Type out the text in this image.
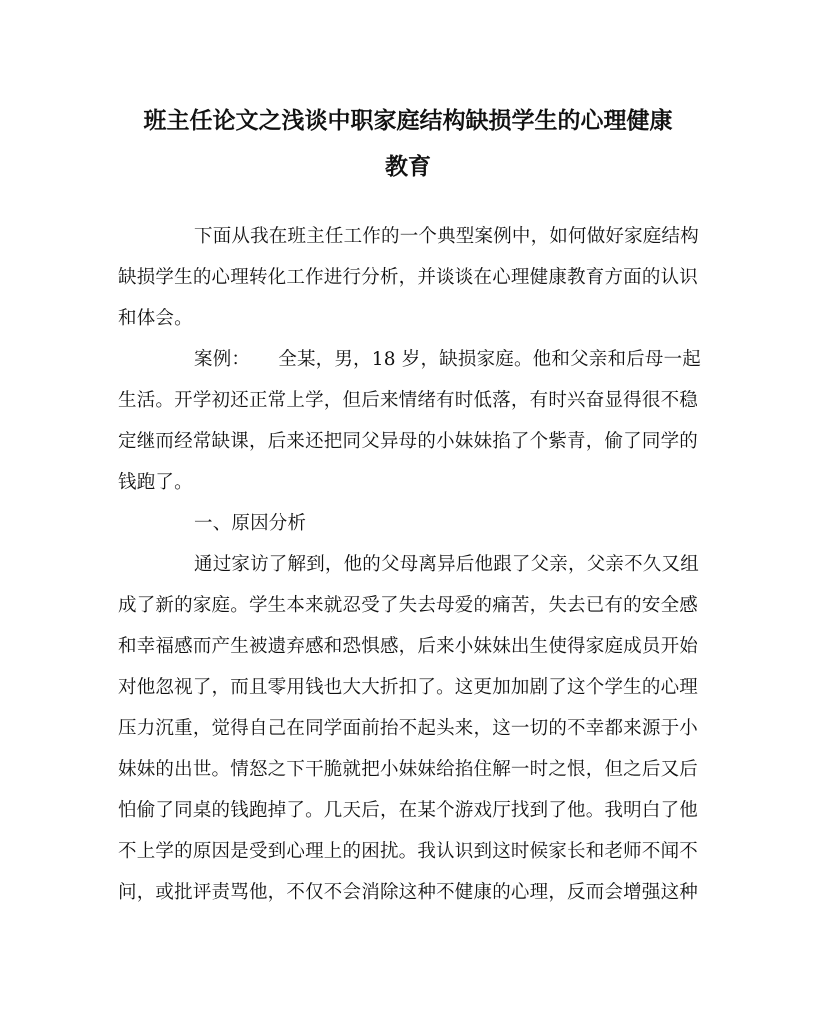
班主任论文之浅谈中职家庭结构缺损学生的心理健康
教育
下面从我在班主任工作的一个典型案例中，如何做好家庭结构
缺损学生的心理转化工作进行分析，并谈谈在心理健康教育方面的认识
和体会。
案例：　　全某，男，18 岁，缺损家庭。他和父亲和后母一起
生活。开学初还正常上学，但后来情绪有时低落，有时兴奋显得很不稳
定继而经常缺课，后来还把同父异母的小妹妹掐了个紫青，偷了同学的
钱跑了。
一、原因分析
通过家访了解到，他的父母离异后他跟了父亲，父亲不久又组
成了新的家庭。学生本来就忍受了失去母爱的痛苦，失去已有的安全感
和幸福感而产生被遗弃感和恐惧感，后来小妹妹出生使得家庭成员开始
对他忽视了，而且零用钱也大大折扣了。这更加加剧了这个学生的心理
压力沉重，觉得自己在同学面前抬不起头来，这一切的不幸都来源于小
妹妹的出世。情怒之下干脆就把小妹妹给掐住解一时之恨，但之后又后
怕偷了同桌的钱跑掉了。几天后，在某个游戏厅找到了他。我明白了他
不上学的原因是受到心理上的困扰。我认识到这时候家长和老师不闻不
问，或批评责骂他，不仅不会消除这种不健康的心理，反而会增强这种
